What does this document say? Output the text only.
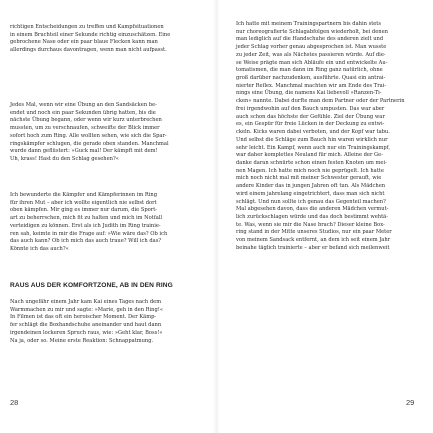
richtigen Entscheidungen zu treffen und Kampfsituationen
in einem Bruchteil einer Sekunde richtig einzuschätzen. Eine
gebrochene Nase oder ein paar blaue Flecken kann man
allerdings durchaus davontragen, wenn man nicht aufpasst.
Jedes Mal, wenn wir eine Übung an den Sandsäcken be-
endet und noch ein paar Sekunden übrig hatten, bis die
nächste Übung begann, oder wenn wir kurz unterbrechen
mussten, um zu verschnaufen, schweifte der Blick immer
sofort hoch zum Ring. Alle wollten sehen, wie sich die Spar-
ringskämpfer schlugen, die gerade oben standen. Manchmal
wurde dann geflüstert: »Guck mal! Der kämpft mit dem!
Uh, krass! Hast du den Schlag gesehen?«
Ich bewunderte die Kämpfer und Kämpferinnen im Ring
für ihren Mut – aber ich wollte eigentlich nie selbst dort
oben kämpfen. Mir ging es immer nur darum, die Sport-
art zu beherrschen, mich fit zu halten und mich im Notfall
verteidigen zu können. Erst als ich Judith im Ring trainie-
ren sah, keimte in mir die Frage auf: »Wie wäre das? Ob ich
das auch kann? Ob ich mich das auch traue? Will ich das?
Könnte ich das auch?«
RAUS AUS DER KOMFORTZONE, AB IN DEN RING
Nach ungefähr einem Jahr kam Kai eines Tages nach dem
Warmmachen zu mir und sagte: »Marie, geh in den Ring!«
In Filmen ist das oft ein heroischer Moment. Der Kämp-
fer schlägt die Boxhandschuhe aneinander und haut dann
irgendeinen lockeren Spruch raus, wie: »Geht klar, Boss!«
Na ja, oder so. Meine erste Reaktion: Schnappatmung.
28
Ich hatte mit meinem Trainingspartnern bis dahin stets
nur choreografierte Schlagabfolgen wiederholt, bei denen
man lediglich auf die Handschuhe des anderen zielt und
jeder Schlag vorher genau abgesprochen ist. Man wusste
zu jeder Zeit, was als Nächstes passieren würde. Auf die-
se Weise prägte man sich Abläufe ein und entwickelte Au-
tomatismen, die man dann im Ring ganz natürlich, ohne
groß darüber nachzudenken, ausführte. Quasi ein antrai-
nierter Reflex. Manchmal machten wir am Ende des Trai-
nings eine Übung, die namens Kai liebevoll »Ranzen-Ti-
cken« nannte. Dabei durfte man dem Partner oder der Partnerin
frei irgendwohin auf den Bauch umpusten. Das war aber
auch schon das höchste der Gefühle. Ziel der Übung war
es, ein Gespür für freie Lücken in der Deckung zu entwi-
ckeln. Kicks waren dabei verboten, und der Kopf war tabu.
Und selbst die Schläge zum Bauch hin waren wirklich nur
sehr leicht. Ein Kampf, wenn auch nur ein Trainingskampf,
war daher komplettes Neuland für mich. Alleine der Ge-
danke daran schnürte schon einen festen Knoten um mei-
nen Magen. Ich hatte mich noch nie geprügelt. Ich hatte
mich noch nicht mal mit meiner Schwester gerauft, wie
andere Kinder das in jungen Jahren oft tun. Als Mädchen
wird einem jahrelang eingetrichtert, dass man sich nicht
schlägt. Und nun sollte ich genau das Gegenteil machen?
Mal abgesehen davon, dass die anderen Mädchen vermut-
lich zurückschlagen würde und das doch bestimmt wehtä-
te. Was, wenn sie mir die Nase brach? Dieser kleine Box-
ring stand in der Mitte unseres Studios, nur ein paar Meter
von meinem Sandsack entfernt, an dem ich seit einem Jahr
beinahe täglich trainierte – aber er befand sich meilenweit
29
